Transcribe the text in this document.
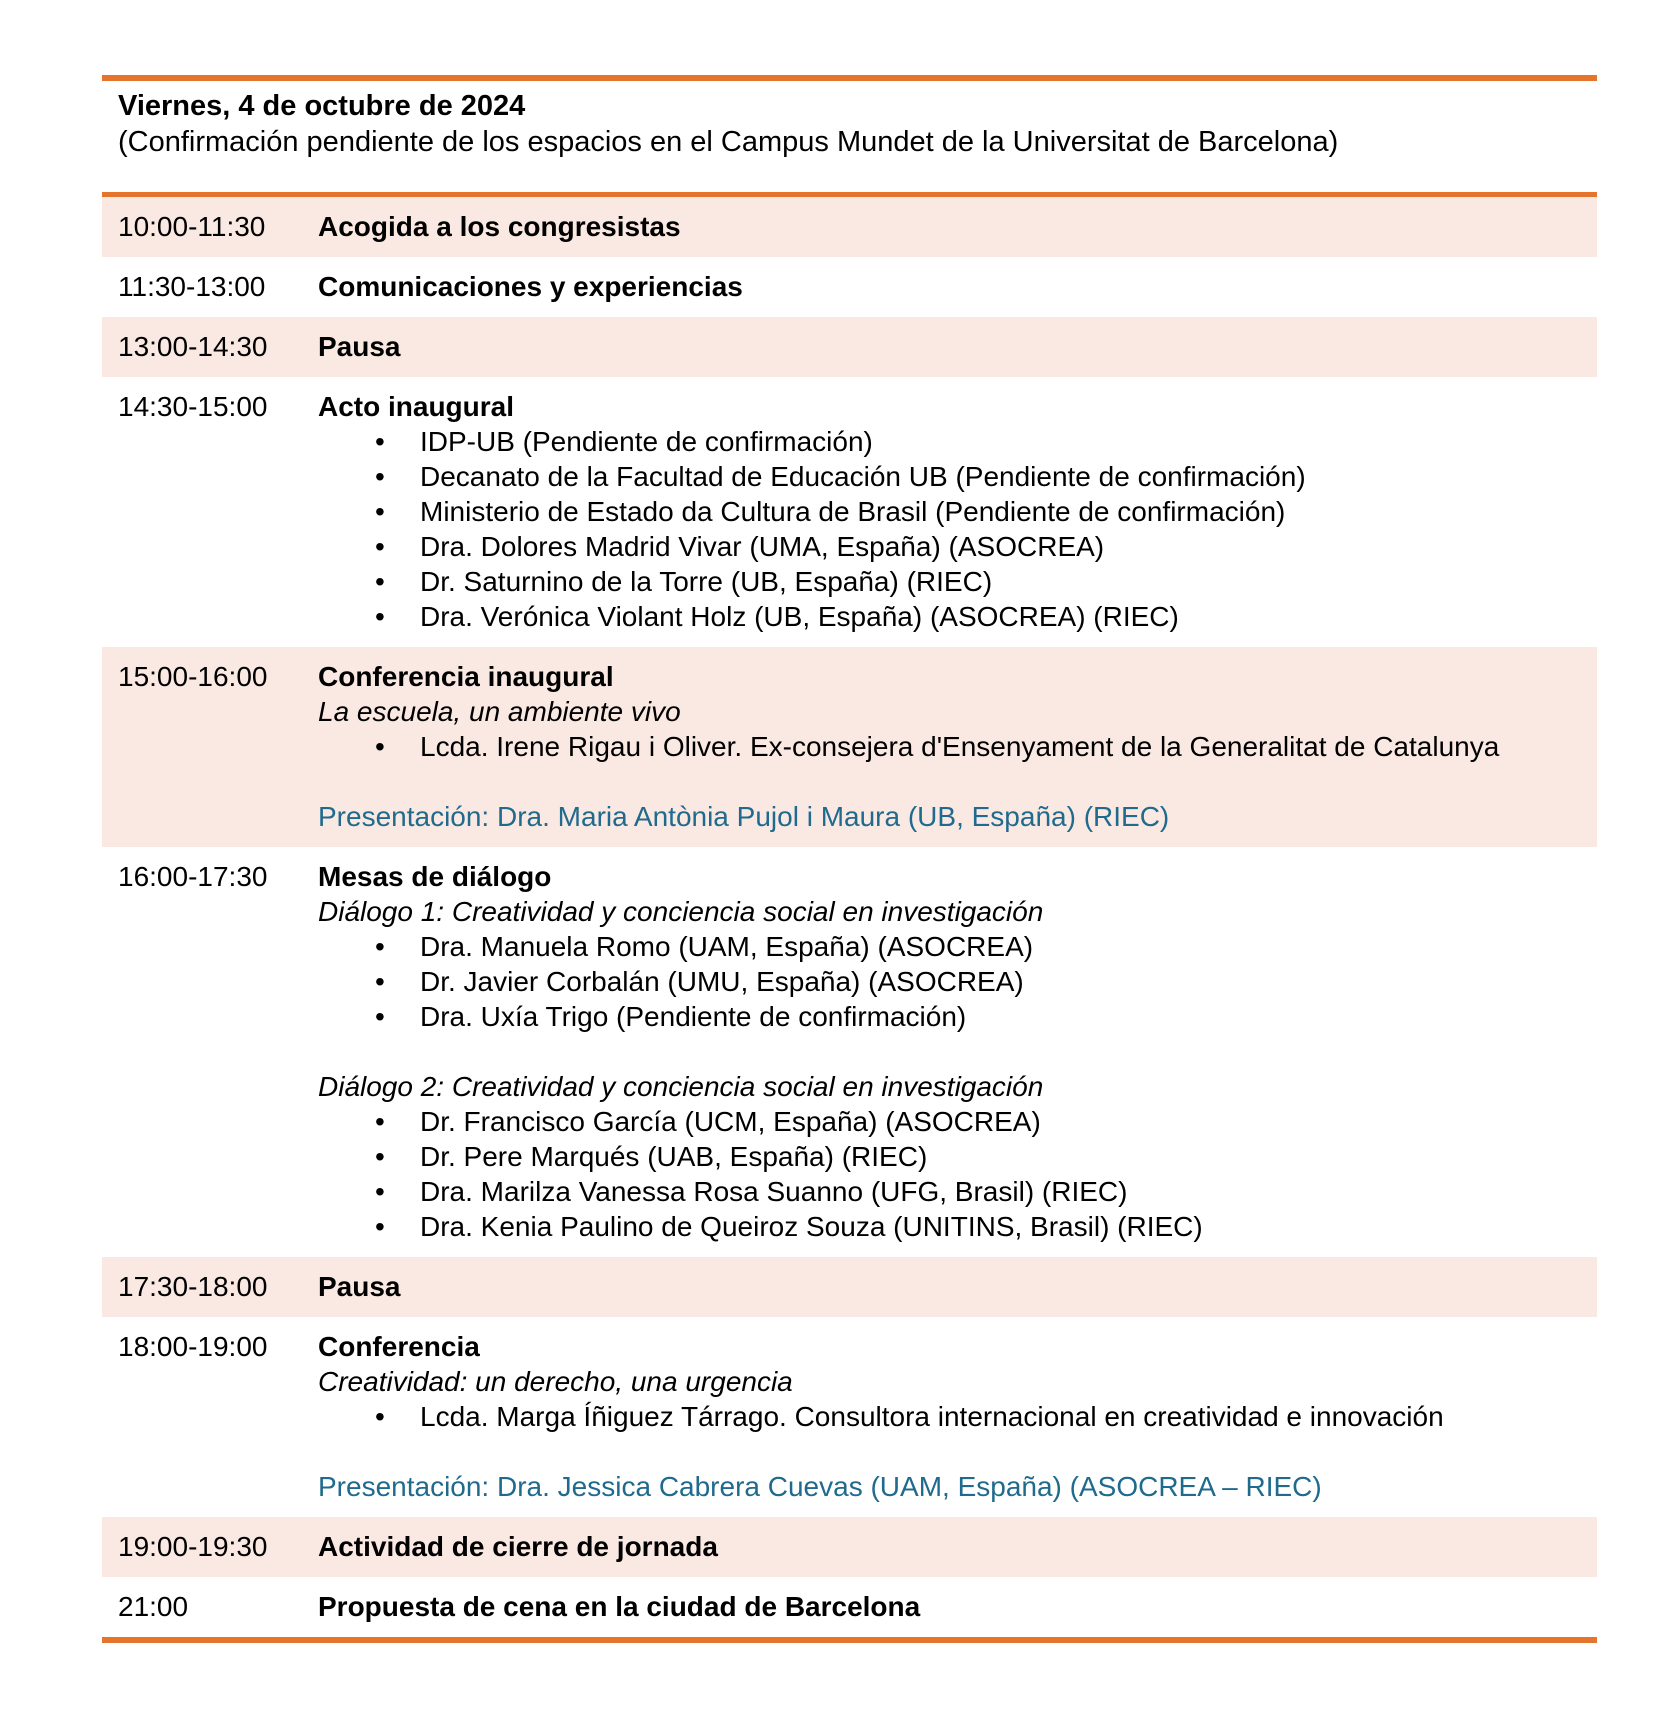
Viernes, 4 de octubre de 2024
(Confirmación pendiente de los espacios en el Campus Mundet de la Universitat de Barcelona)
10:00-11:30	Acogida a los congresistas
11:30-13:00	Comunicaciones y experiencias
13:00-14:30	Pausa
14:30-15:00	Acto inaugural
•	IDP-UB (Pendiente de confirmación)
•	Decanato de la Facultad de Educación UB (Pendiente de confirmación)
•	Ministerio de Estado da Cultura de Brasil (Pendiente de confirmación)
•	Dra. Dolores Madrid Vivar (UMA, España) (ASOCREA)
•	Dr. Saturnino de la Torre (UB, España) (RIEC)
•	Dra. Verónica Violant Holz (UB, España) (ASOCREA) (RIEC)
15:00-16:00	Conferencia inaugural
La escuela, un ambiente vivo
•	Lcda. Irene Rigau i Oliver. Ex-consejera d'Ensenyament de la Generalitat de Catalunya
Presentación: Dra. Maria Antònia Pujol i Maura (UB, España) (RIEC)
16:00-17:30	Mesas de diálogo
Diálogo 1: Creatividad y conciencia social en investigación
•	Dra. Manuela Romo (UAM, España) (ASOCREA)
•	Dr. Javier Corbalán (UMU, España) (ASOCREA)
•	Dra. Uxía Trigo (Pendiente de confirmación)
Diálogo 2: Creatividad y conciencia social en investigación
•	Dr. Francisco García (UCM, España) (ASOCREA)
•	Dr. Pere Marqués (UAB, España) (RIEC)
•	Dra. Marilza Vanessa Rosa Suanno (UFG, Brasil) (RIEC)
•	Dra. Kenia Paulino de Queiroz Souza (UNITINS, Brasil) (RIEC)
17:30-18:00	Pausa
18:00-19:00	Conferencia
Creatividad: un derecho, una urgencia
•	Lcda. Marga Íñiguez Tárrago. Consultora internacional en creatividad e innovación
Presentación: Dra. Jessica Cabrera Cuevas (UAM, España) (ASOCREA – RIEC)
19:00-19:30	Actividad de cierre de jornada
21:00	Propuesta de cena en la ciudad de Barcelona
